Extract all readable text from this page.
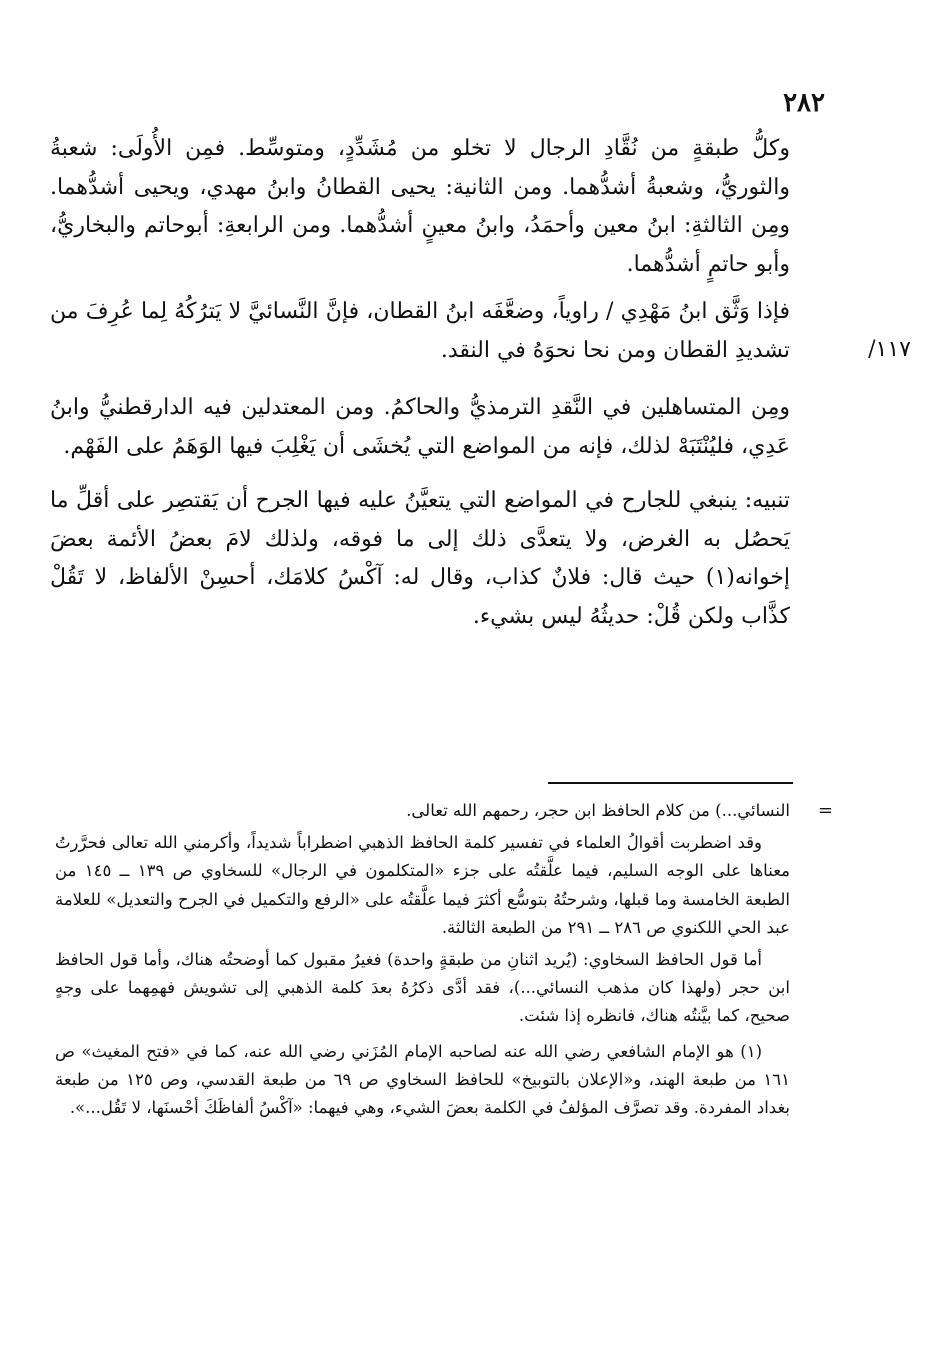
٢٨٢
١١٧/

وكلُّ طبقةٍ من نُقَّادِ الرجال لا تخلو من مُشَدِّدٍ، ومتوسِّط. فمِن الأُولَى: شعبةُ والثوريُّ، وشعبةُ أشدُّهما. ومن الثانية: يحيى القطانُ وابنُ مهدي، ويحيى أشدُّهما. ومِن الثالثةِ: ابنُ معين وأحمَدُ، وابنُ معينٍ أشدُّهما. ومن الرابعةِ: أبوحاتم والبخاريُّ، وأبو حاتمٍ أشدُّهما.

فإذا وَثَّق ابنُ مَهْدِي / راوياً، وضعَّفَه ابنُ القطان، فإنَّ النَّسائيَّ لا يَترُكُهُ لِما عُرِفَ من تشديدِ القطان ومن نحا نحوَهُ في النقد.

ومِن المتساهلين في النَّقدِ الترمذيُّ والحاكمُ. ومن المعتدلين فيه الدارقطنيُّ وابنُ عَدِي، فليُنْتَبَهْ لذلك، فإنه من المواضع التي يُخشَى أن يَغْلِبَ فيها الوَهَمُ على الفَهْم.

تنبيه: ينبغي للجارح في المواضع التي يتعيَّنُ عليه فيها الجرح أن يَقتصِر على أقلِّ ما يَحصُل به الغرض، ولا يتعدَّى ذلك إلى ما فوقه، ولذلك لامَ بعضُ الأئمة بعضَ إخوانه(١) حيث قال: فلانٌ كذاب، وقال له: آكْسُ كلامَك، أحسِنْ الألفاظ، لا تَقُلْ كذَّاب ولكن قُلْ: حديثُهُ ليس بشيء.

=

النسائي...) من كلام الحافظ ابن حجر، رحمهم الله تعالى.

وقد اضطربت أقوالُ العلماء في تفسير كلمة الحافظ الذهبي اضطراباً شديداً، وأكرمني الله تعالى فحرَّرتُ معناها على الوجه السليم، فيما علَّقتُه على جزء «المتكلمون في الرجال» للسخاوي ص ١٣٩ ــ ١٤٥ من الطبعة الخامسة وما قبلها، وشرحتُهُ بتوسُّع أكثرَ فيما علَّقتُه على «الرفع والتكميل في الجرح والتعديل» للعلامة عبد الحي اللكنوي ص ٢٨٦ ــ ٢٩١ من الطبعة الثالثة.

أما قول الحافظ السخاوي: (يُريد اثنانِ من طبقةٍ واحدة) فغيرُ مقبول كما أوضحتُه هناك، وأما قول الحافظ ابن حجر (ولهذا كان مذهب النسائي...)، فقد أدَّى ذكرُهُ بعدَ كلمة الذهبي إلى تشويش فهمِهما على وجهٍ صحيح، كما بيَّنتُه هناك، فانظره إذا شئت.

(١) هو الإمام الشافعي رضي الله عنه لصاحبه الإمام المُزَني رضي الله عنه، كما في «فتح المغيث» ص ١٦١ من طبعة الهند، و«الإعلان بالتوبيخ» للحافظ السخاوي ص ٦٩ من طبعة القدسي، وص ١٢٥ من طبعة بغداد المفردة. وقد تصرَّف المؤلفُ في الكلمة بعضَ الشيء، وهي فيهما: «آكْسُ ألفاظَكَ أحْسنَها، لا تَقُل...».
